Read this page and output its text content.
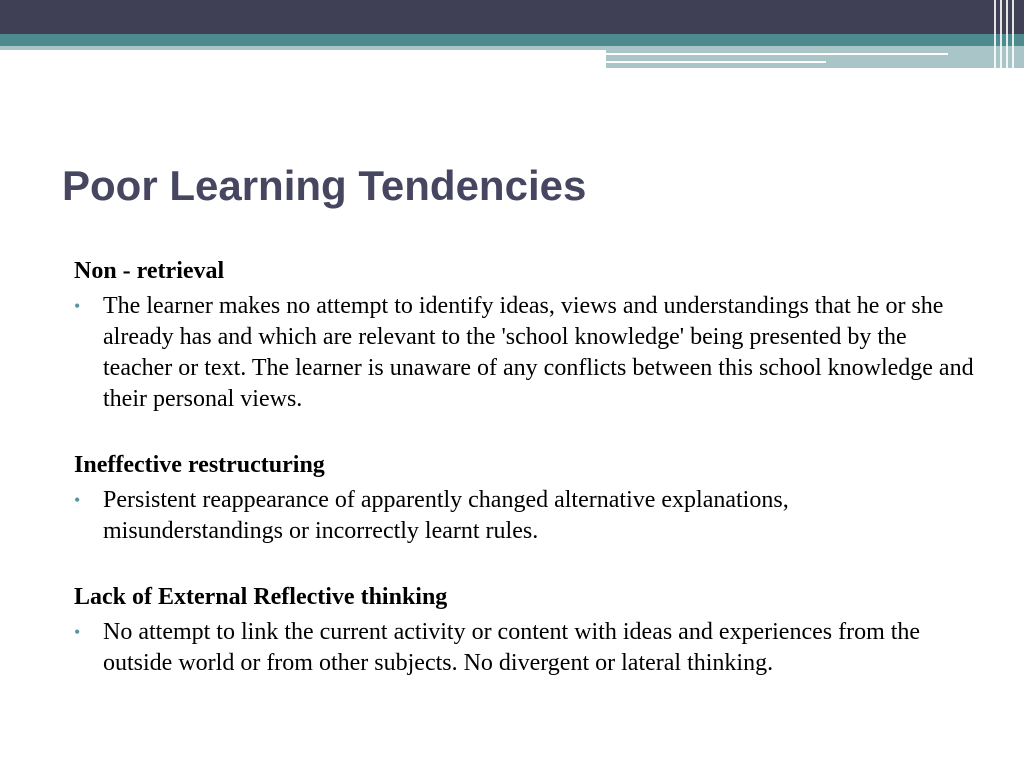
Poor Learning Tendencies

Non - retrieval

• The learner makes no attempt to identify ideas, views and understandings that he or she already has and which are relevant to the 'school knowledge' being presented by the teacher or text. The learner is unaware of any conflicts between this school knowledge and their personal views.

Ineffective restructuring

• Persistent reappearance of apparently changed alternative explanations, misunderstandings or incorrectly learnt rules.

Lack of External Reflective thinking

• No attempt to link the current activity or content with ideas and experiences from the outside world or from other subjects. No divergent or lateral thinking.
